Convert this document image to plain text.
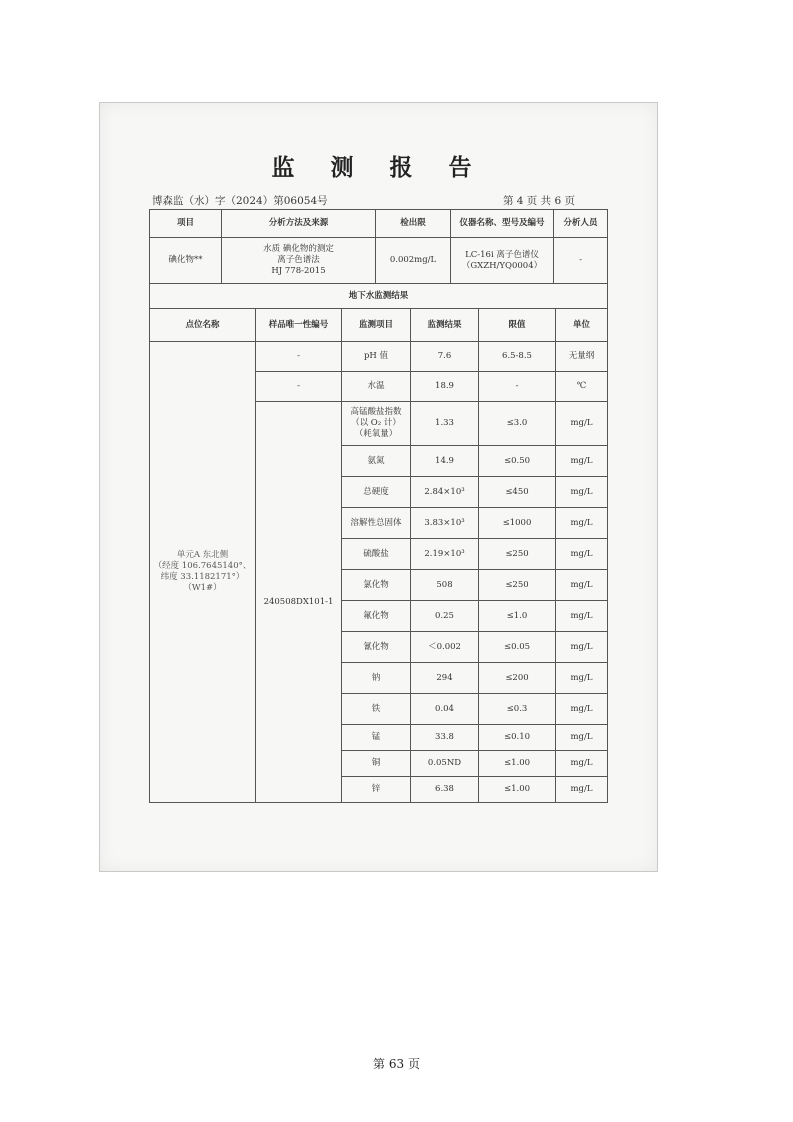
监 测 报 告
博森监（水）字（2024）第06054号	第 4 页 共 6 页
项目	分析方法及来源	检出限	仪器名称、型号及编号	分析人员
碘化物**	水质 碘化物的测定
离子色谱法
HJ 778-2015	0.002mg/L	LC-16i 离子色谱仪
（GXZH/YQ0004）	-
地下水监测结果					
点位名称	样品唯一性编号	监测项目	监测结果	限值	单位

单元A 东北侧
（经度 106.7645140°、
纬度 33.1182171°）
（W1#）	-	pH 值	7.6	6.5-8.5	无量纲
	-	水温	18.9	-	℃
	240508DX101-1	高锰酸盐指数
（以 O₂ 计）
（耗氧量）	1.33	≤3.0	mg/L
		氨氮	14.9	≤0.50	mg/L
		总硬度	2.84×10³	≤450	mg/L
		溶解性总固体	3.83×10³	≤1000	mg/L
		硫酸盐	2.19×10³	≤250	mg/L
		氯化物	508	≤250	mg/L
		氟化物	0.25	≤1.0	mg/L
		氰化物	＜0.002	≤0.05	mg/L
		钠	294	≤200	mg/L
		铁	0.04	≤0.3	mg/L
		锰	33.8	≤0.10	mg/L
		铜	0.05ND	≤1.00	mg/L
		锌	6.38	≤1.00	mg/L
第 63 页
